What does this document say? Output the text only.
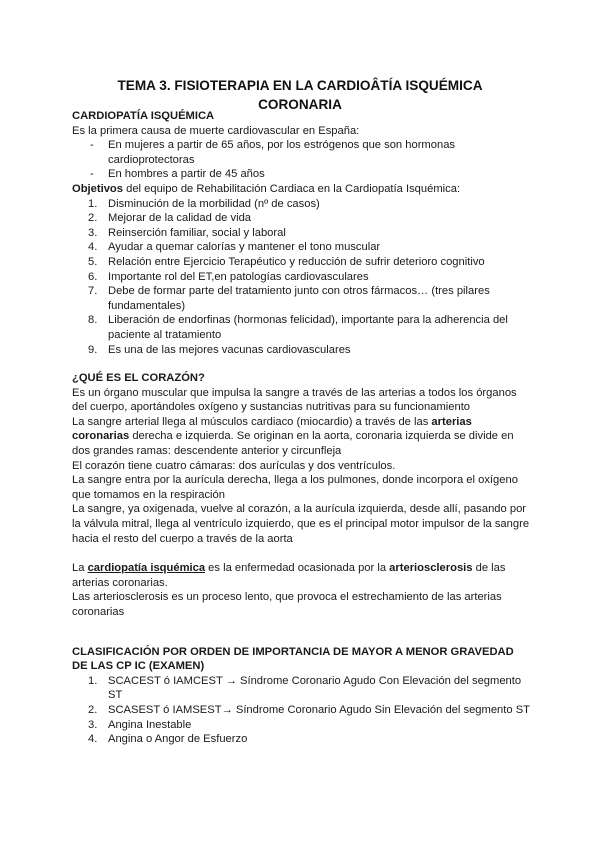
TEMA 3. FISIOTERAPIA EN LA CARDIOÂTÍA ISQUÉMICA
CORONARIA

CARDIOPATÍA ISQUÉMICA

Es la primera causa de muerte cardiovascular en España:

- En mujeres a partir de 65 años, por los estrógenos que son hormonas cardioprotectoras
- En hombres a partir de 45 años

Objetivos del equipo de Rehabilitación Cardiaca en la Cardiopatía Isquémica:

1. Disminución de la morbilidad (nº de casos)
2. Mejorar de la calidad de vida
3. Reinserción familiar, social y laboral
4. Ayudar a quemar calorías y mantener el tono muscular
5. Relación entre Ejercicio Terapéutico y reducción de sufrir deterioro cognitivo
6. Importante rol del ET,en patologías cardiovasculares
7. Debe de formar parte del tratamiento junto con otros fármacos… (tres pilares fundamentales)
8. Liberación de endorfinas (hormonas felicidad), importante para la adherencia del paciente al tratamiento
9. Es una de las mejores vacunas cardiovasculares

¿QUÉ ES EL CORAZÓN?

Es un órgano muscular que impulsa la sangre a través de las arterias a todos los órganos del cuerpo, aportándoles oxígeno y sustancias nutritivas para su funcionamiento

La sangre arterial llega al músculos cardiaco (miocardio) a través de las arterias coronarias derecha e izquierda. Se originan en la aorta, coronaria izquierda se divide en dos grandes ramas: descendente anterior y circunfleja

El corazón tiene cuatro cámaras: dos aurículas y dos ventrículos.

La sangre entra por la aurícula derecha, llega a los pulmones, donde incorpora el oxígeno que tomamos en la respiración

La sangre, ya oxigenada, vuelve al corazón, a la aurícula izquierda, desde allí, pasando por la válvula mitral, llega al ventrículo izquierdo, que es el principal motor impulsor de la sangre hacia el resto del cuerpo a través de la aorta

La cardiopatía isquémica es la enfermedad ocasionada por la arteriosclerosis de las arterias coronarias.

Las arteriosclerosis es un proceso lento, que provoca el estrechamiento de las arterias coronarias

CLASIFICACIÓN POR ORDEN DE IMPORTANCIA DE MAYOR A MENOR GRAVEDAD DE LAS CP IC (EXAMEN)

1. SCACEST ó IAMCEST → Síndrome Coronario Agudo Con Elevación del segmento ST
2. SCASEST ó IAMSEST→ Síndrome Coronario Agudo Sin Elevación del segmento ST
3. Angina Inestable
4. Angina o Angor de Esfuerzo
